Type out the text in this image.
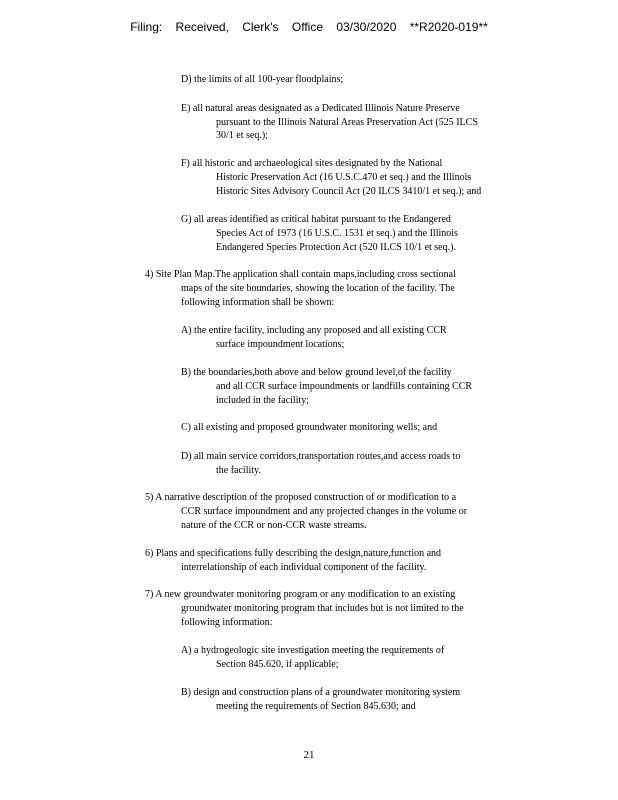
Filing: Received, Clerk's Office 03/30/2020 **R2020-019**
D) the limits of all 100-year floodplains;
E) all natural areas designated as a Dedicated Illinois Nature Preserve
pursuant to the Illinois Natural Areas Preservation Act (525 ILCS
30/1 et seq.);
F) all historic and archaeological sites designated by the National
Historic Preservation Act (16 U.S.C.470 et seq.) and the Illinois
Historic Sites Advisory Council Act (20 ILCS 3410/1 et seq.); and
G) all areas identified as critical habitat pursuant to the Endangered
Species Act of 1973 (16 U.S.C. 1531 et seq.) and the Illinois
Endangered Species Protection Act (520 ILCS 10/1 et seq.).
4) Site Plan Map.The application shall contain maps,including cross sectional
maps of the site boundaries, showing the location of the facility. The
following information shall be shown:
A) the entire facility, including any proposed and all existing CCR
surface impoundment locations;
B) the boundaries,both above and below ground level,of the facility
and all CCR surface impoundments or landfills containing CCR
included in the facility;
C) all existing and proposed groundwater monitoring wells; and
D) all main service corridors,transportation routes,and access roads to
the facility.
5) A narrative description of the proposed construction of or modification to a
CCR surface impoundment and any projected changes in the volume or
nature of the CCR or non-CCR waste streams.
6) Plans and specifications fully describing the design,nature,function and
interrelationship of each individual component of the facility.
7) A new groundwater monitoring program or any modification to an existing
groundwater monitoring program that includes but is not limited to the
following information:
A) a hydrogeologic site investigation meeting the requirements of
Section 845.620, if applicable;
B) design and construction plans of a groundwater monitoring system
meeting the requirements of Section 845.630; and
21
